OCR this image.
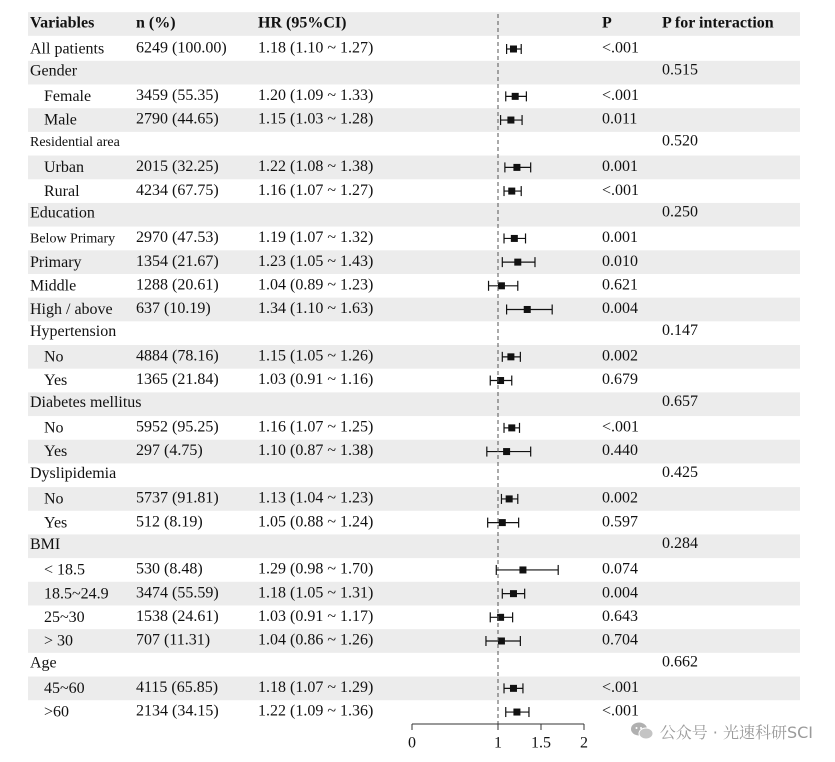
Variables	n (%)	HR (95%CI)	P	P for interaction
All patients 6249 (100.00) 1.18 (1.10 ~ 1.27)	<.001
Gender	0.515
Female	3459 (55.35) 1.20 (1.09 ~ 1.33)	<.001
Male	2790 (44.65) 1.15 (1.03 ~ 1.28)	0.011
Residential area	0.520
Urban	2015 (32.25) 1.22 (1.08 ~ 1.38)	0.001
Rural	4234 (67.75) 1.16 (1.07 ~ 1.27)	<.001
Education	0.250
Below Primary 2970 (47.53) 1.19 (1.07 ~ 1.32)	0.001
Primary	1354 (21.67) 1.23 (1.05 ~ 1.43)	0.010
Middle	1288 (20.61) 1.04 (0.89 ~ 1.23)	0.621
High / above 637 (10.19)	1.34 (1.10 ~ 1.63)	0.004
Hypertension	0.147
No	4884 (78.16) 1.15 (1.05 ~ 1.26)	0.002
Yes	1365 (21.84) 1.03 (0.91 ~ 1.16)	0.679
Diabetes mellitus	0.657
No	5952 (95.25) 1.16 (1.07 ~ 1.25)	<.001
Yes	297 (4.75)	1.10 (0.87 ~ 1.38)	0.440
Dyslipidemia	0.425
No	5737 (91.81) 1.13 (1.04 ~ 1.23)	0.002
Yes	512 (8.19)	1.05 (0.88 ~ 1.24)	0.597
BMI	0.284
< 18.5	530 (8.48)	1.29 (0.98 ~ 1.70)	0.074
18.5~24.9 3474 (55.59) 1.18 (1.05 ~ 1.31)	0.004
25~30	1538 (24.61) 1.03 (0.91 ~ 1.17)	0.643
> 30	707 (11.31)	1.04 (0.86 ~ 1.26)	0.704
Age	0.662
45~60	4115 (65.85) 1.18 (1.07 ~ 1.29)	<.001
>60	2134 (34.15) 1.22 (1.09 ~ 1.36)	<.001
0	1 1.5 2
公众号 · 光速科研SCI
